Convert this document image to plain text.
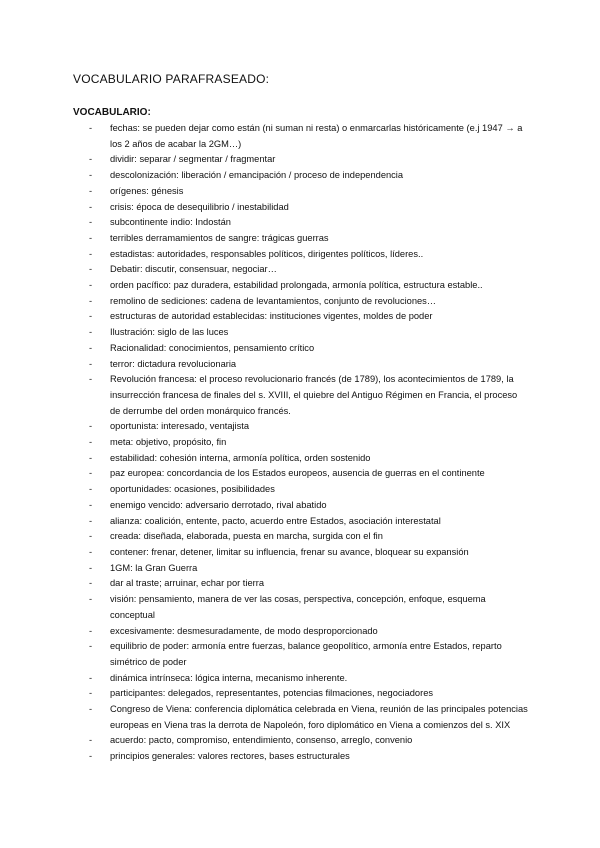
VOCABULARIO PARAFRASEADO:
VOCABULARIO:
- fechas: se pueden dejar como están (ni suman ni resta) o enmarcarlas históricamente (e.j 1947 → a los 2 años de acabar la 2GM…)
- dividir: separar / segmentar / fragmentar
- descolonización: liberación / emancipación / proceso de independencia
- orígenes: génesis
- crisis: época de desequilibrio / inestabilidad
- subcontinente indio: Indostán
- terribles derramamientos de sangre: trágicas guerras
- estadistas: autoridades, responsables políticos, dirigentes políticos, líderes..
- Debatir: discutir, consensuar, negociar…
- orden pacífico: paz duradera, estabilidad prolongada, armonía política, estructura estable..
- remolino de sediciones: cadena de levantamientos, conjunto de revoluciones…
- estructuras de autoridad establecidas: instituciones vigentes, moldes de poder
- Ilustración: siglo de las luces
- Racionalidad: conocimientos, pensamiento crítico
- terror: dictadura revolucionaria
- Revolución francesa: el proceso revolucionario francés (de 1789), los acontecimientos de 1789, la insurrección francesa de finales del s. XVIII, el quiebre del Antiguo Régimen en Francia, el proceso de derrumbe del orden monárquico francés.
- oportunista: interesado, ventajista
- meta: objetivo, propósito, fin
- estabilidad: cohesión interna, armonía política, orden sostenido
- paz europea: concordancia de los Estados europeos, ausencia de guerras en el continente
- oportunidades: ocasiones, posibilidades
- enemigo vencido: adversario derrotado, rival abatido
- alianza: coalición, entente, pacto, acuerdo entre Estados, asociación interestatal
- creada: diseñada, elaborada, puesta en marcha, surgida con el fin
- contener: frenar, detener, limitar su influencia, frenar su avance, bloquear su expansión
- 1GM: la Gran Guerra
- dar al traste; arruinar, echar por tierra
- visión: pensamiento, manera de ver las cosas, perspectiva, concepción, enfoque, esquema conceptual
- excesivamente: desmesuradamente, de modo desproporcionado
- equilibrio de poder: armonía entre fuerzas, balance geopolítico, armonía entre Estados, reparto simétrico de poder
- dinámica intrínseca: lógica interna, mecanismo inherente.
- participantes: delegados, representantes, potencias filmaciones, negociadores
- Congreso de Viena: conferencia diplomática celebrada en Viena, reunión de las principales potencias europeas en Viena tras la derrota de Napoleón, foro diplomático en Viena a comienzos del s. XIX
- acuerdo: pacto, compromiso, entendimiento, consenso, arreglo, convenio
- principios generales: valores rectores, bases estructurales
